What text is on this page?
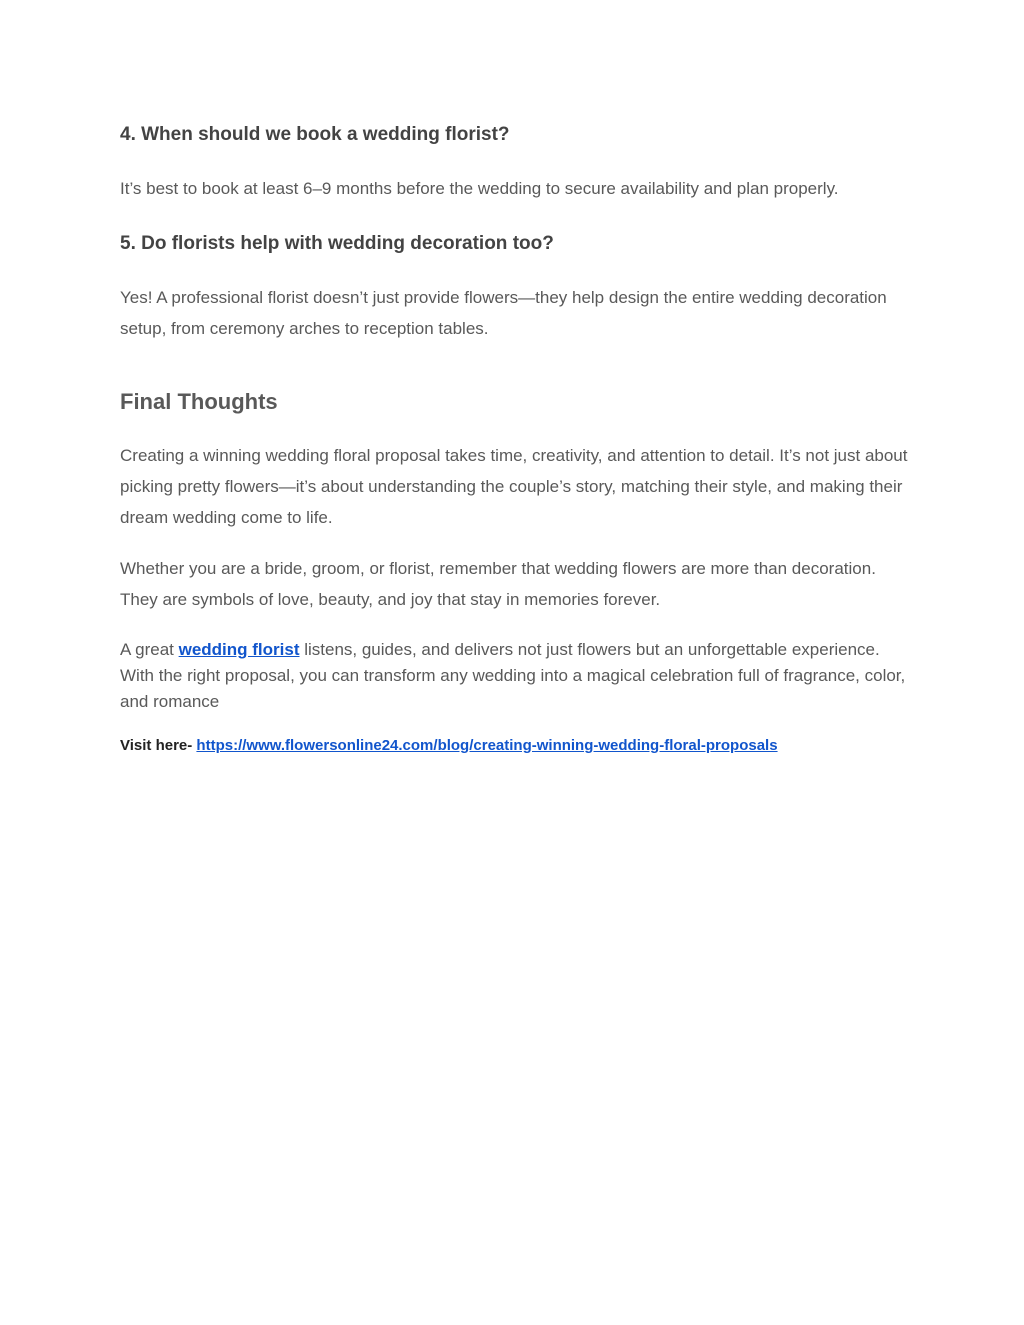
4. When should we book a wedding florist?

It’s best to book at least 6–9 months before the wedding to secure availability and plan properly.

5. Do florists help with wedding decoration too?

Yes! A professional florist doesn’t just provide flowers—they help design the entire wedding decoration setup, from ceremony arches to reception tables.

Final Thoughts

Creating a winning wedding floral proposal takes time, creativity, and attention to detail. It’s not just about picking pretty flowers—it’s about understanding the couple’s story, matching their style, and making their dream wedding come to life.

Whether you are a bride, groom, or florist, remember that wedding flowers are more than decoration. They are symbols of love, beauty, and joy that stay in memories forever.

A great wedding florist listens, guides, and delivers not just flowers but an unforgettable experience. With the right proposal, you can transform any wedding into a magical celebration full of fragrance, color, and romance

Visit here- https://www.flowersonline24.com/blog/creating-winning-wedding-floral-proposals
